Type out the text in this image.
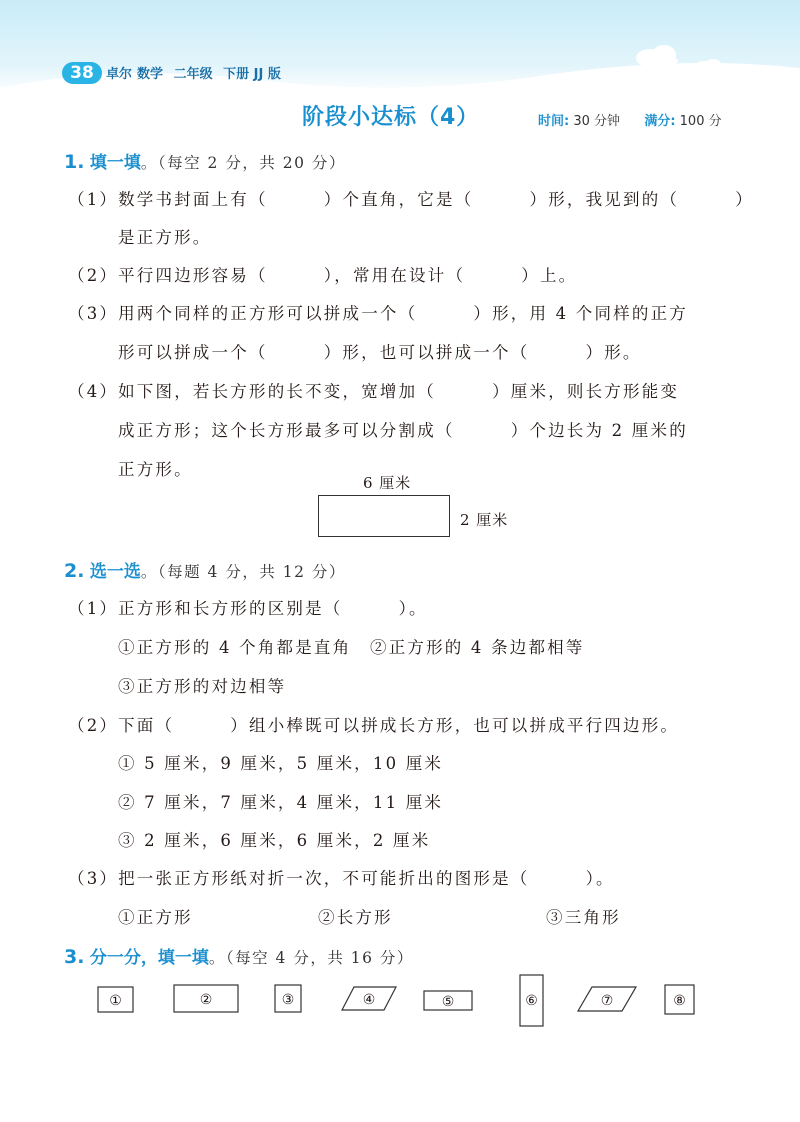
38 卓尔 数学 二年级 下册 JJ 版
阶段小达标（4）	时间: 30 分钟 满分: 100 分
1. 填一填。（每空 2 分，共 20 分）
（1）数学书封面上有（　　　）个直角，它是（　　　）形，我见到的（　　　）
是正方形。
（2）平行四边形容易（　　　），常用在设计（　　　）上。
（3）用两个同样的正方形可以拼成一个（　　　）形，用 4 个同样的正方
形可以拼成一个（　　　）形，也可以拼成一个（　　　）形。
（4）如下图，若长方形的长不变，宽增加（　　　）厘米，则长方形能变
成正方形；这个长方形最多可以分割成（　　　）个边长为 2 厘米的
正方形。
6 厘米
2 厘米
2. 选一选。（每题 4 分，共 12 分）
（1）正方形和长方形的区别是（　　　）。
①正方形的 4 个角都是直角　②正方形的 4 条边都相等
③正方形的对边相等
（2）下面（　　　）组小棒既可以拼成长方形，也可以拼成平行四边形。
① 5 厘米，9 厘米，5 厘米，10 厘米
② 7 厘米，7 厘米，4 厘米，11 厘米
③ 2 厘米，6 厘米，6 厘米，2 厘米
（3）把一张正方形纸对折一次，不可能折出的图形是（　　　）。
①正方形	②长方形	③三角形
3. 分一分，填一填。（每空 4 分，共 16 分）
①	②	③	④	⑤	⑥	⑦	⑧
